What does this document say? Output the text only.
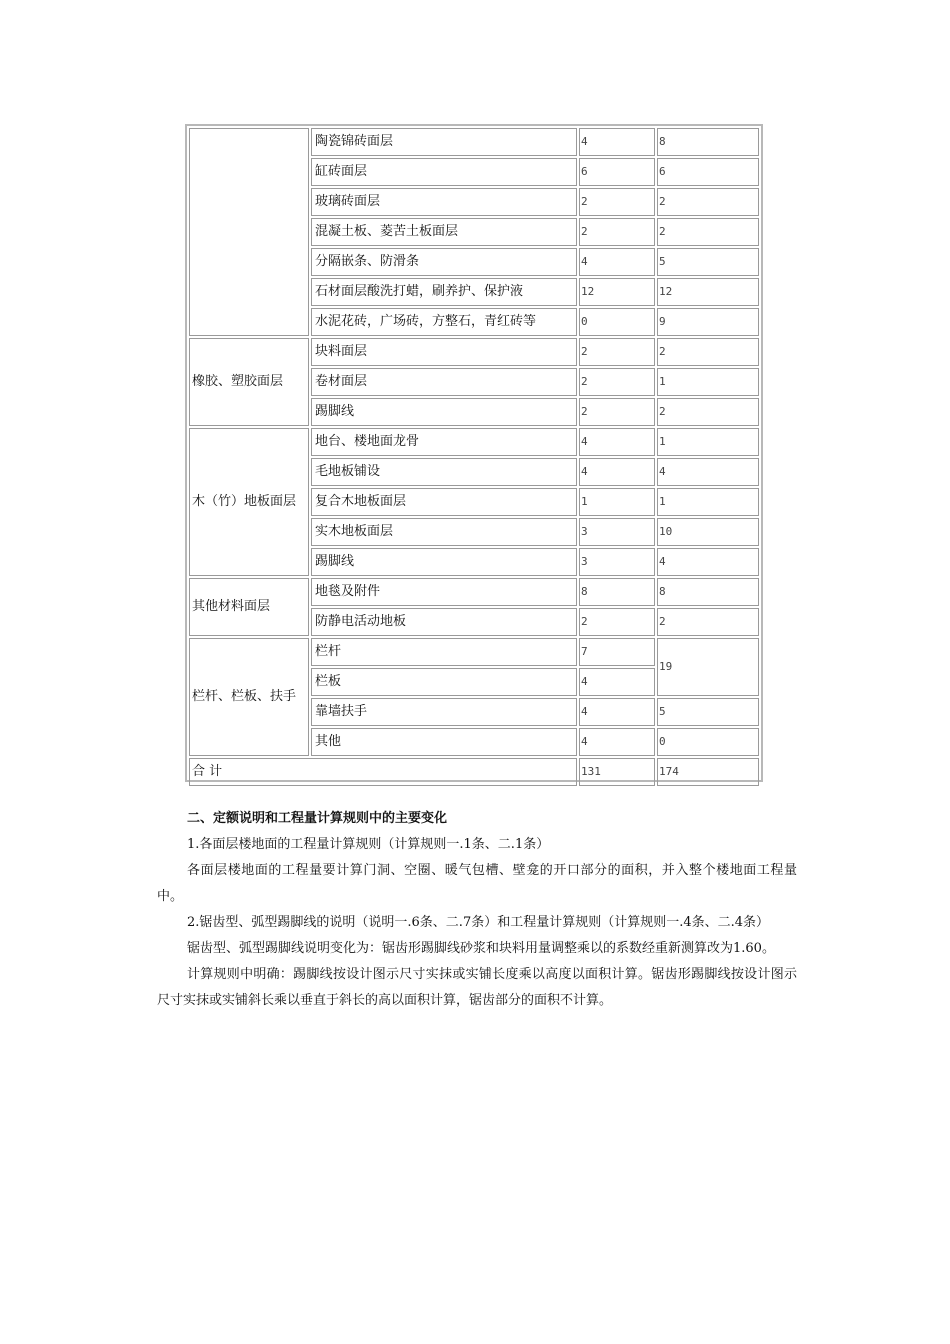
	陶瓷锦砖面层	4	8
	缸砖面层	6	6
	玻璃砖面层	2	2
	混凝土板、菱苦土板面层	2	2
	分隔嵌条、防滑条	4	5
	石材面层酸洗打蜡，刷养护、保护液	12	12
	水泥花砖，广场砖，方整石，青红砖等	0	9
橡胶、塑胶面层	块料面层	2	2
	卷材面层	2	1
	踢脚线	2	2
木（竹）地板面层	地台、楼地面龙骨	4	1
	毛地板铺设	4	4
	复合木地板面层	1	1
	实木地板面层	3	10
	踢脚线	3	4
其他材料面层	地毯及附件	8	8
	防静电活动地板	2	2
栏杆、栏板、扶手	栏杆	7	19
	栏板	4	
	靠墙扶手	4	5
	其他	4	0
合 计		131	174
二、定额说明和工程量计算规则中的主要变化

1.各面层楼地面的工程量计算规则（计算规则一.1条、二.1条）

各面层楼地面的工程量要计算门洞、空圈、暖气包槽、壁龛的开口部分的面积，并入整个楼地面工程量中。

2.锯齿型、弧型踢脚线的说明（说明一.6条、二.7条）和工程量计算规则（计算规则一.4条、二.4条）

锯齿型、弧型踢脚线说明变化为：锯齿形踢脚线砂浆和块料用量调整乘以的系数经重新测算改为1.60。

计算规则中明确：踢脚线按设计图示尺寸实抹或实铺长度乘以高度以面积计算。锯齿形踢脚线按设计图示尺寸实抹或实铺斜长乘以垂直于斜长的高以面积计算，锯齿部分的面积不计算。
